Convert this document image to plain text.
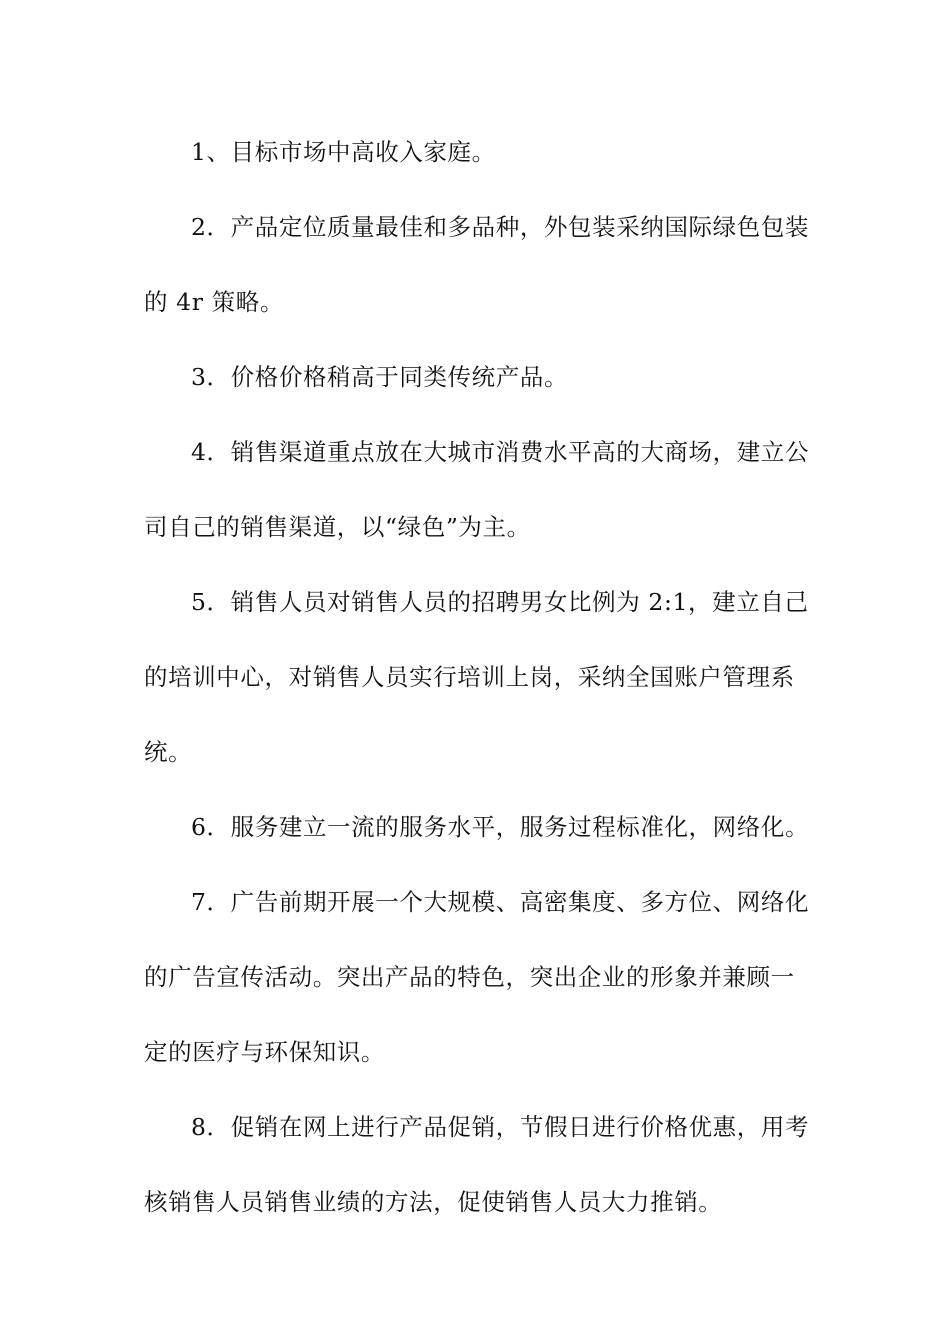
1、目标市场中高收入家庭。

2．产品定位质量最佳和多品种，外包装采纳国际绿色包装的 4r 策略。

3．价格价格稍高于同类传统产品。

4．销售渠道重点放在大城市消费水平高的大商场，建立公司自己的销售渠道，以“绿色”为主。

5．销售人员对销售人员的招聘男女比例为 2:1，建立自己的培训中心，对销售人员实行培训上岗，采纳全国账户管理系统。

6．服务建立一流的服务水平，服务过程标准化，网络化。

7．广告前期开展一个大规模、高密集度、多方位、网络化的广告宣传活动。突出产品的特色，突出企业的形象并兼顾一定的医疗与环保知识。

8．促销在网上进行产品促销，节假日进行价格优惠，用考核销售人员销售业绩的方法，促使销售人员大力推销。
